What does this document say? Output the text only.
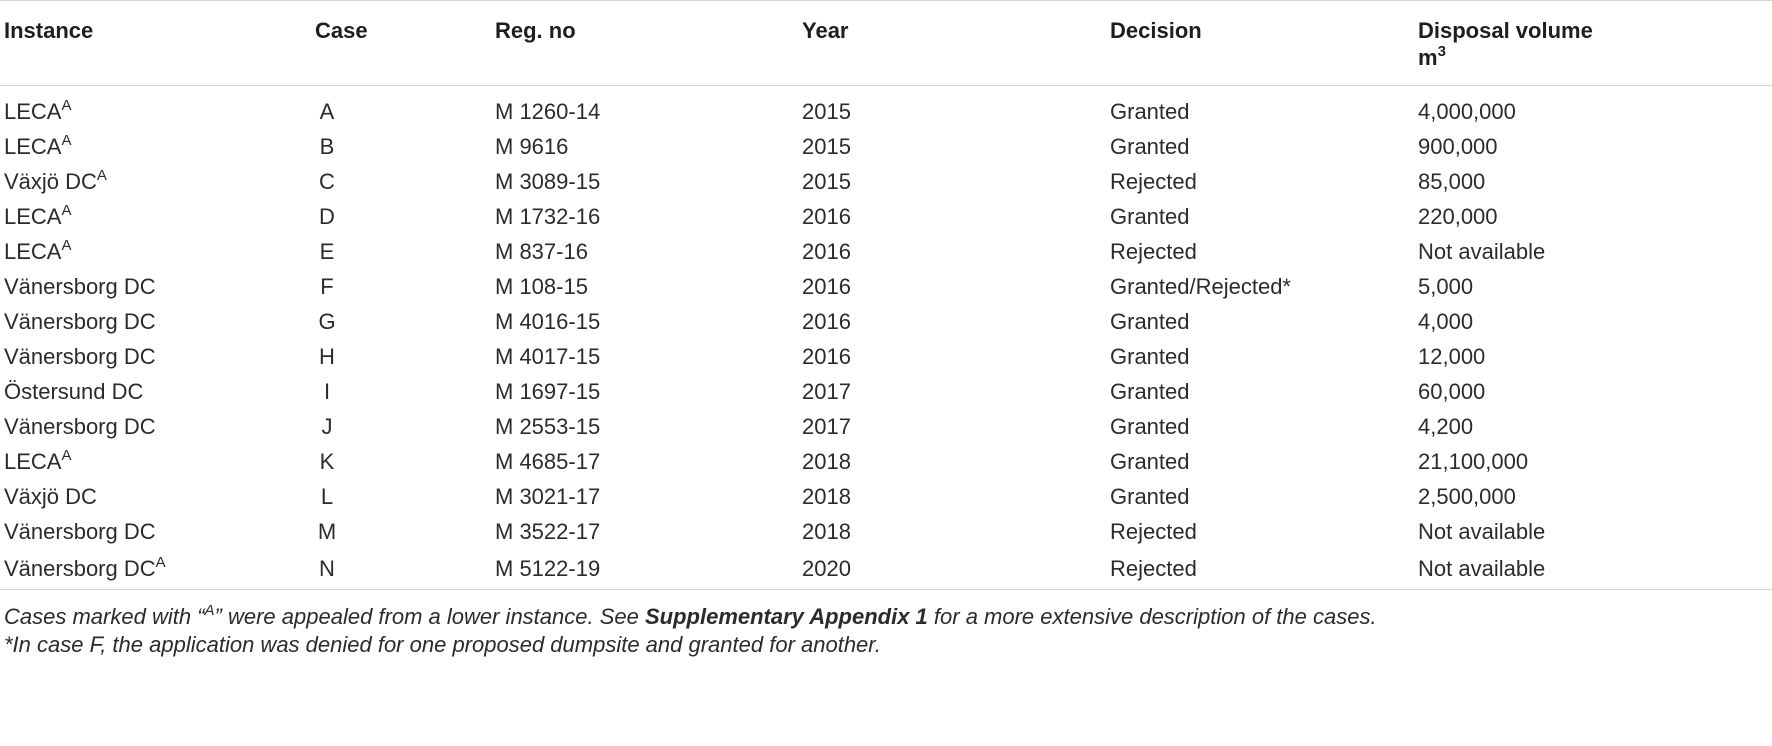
Instance	Case	Reg. no	Year	Decision	Disposal volume
$m^3$
$LECA^A$	A	M 1260-14	2015	Granted	4,000,000
$LECA^A$	B	M 9616	2015	Granted	900,000
Växjö $DC^A$	C	M 3089-15	2015	Rejected	85,000
$LECA^A$	D	M 1732-16	2016	Granted	220,000
$LECA^A$	E	M 837-16	2016	Rejected	Not available
Vänersborg DC	F	M 108-15	2016	Granted/Rejected*	5,000
Vänersborg DC	G	M 4016-15	2016	Granted	4,000
Vänersborg DC	H	M 4017-15	2016	Granted	12,000
Östersund DC	I	M 1697-15	2017	Granted	60,000
Vänersborg DC	J	M 2553-15	2017	Granted	4,200
$LECA^A$	K	M 4685-17	2018	Granted	21,100,000
Växjö DC	L	M 3021-17	2018	Granted	2,500,000
Vänersborg DC	M	M 3522-17	2018	Rejected	Not available
Vänersborg $DC^A$	N	M 5122-19	2020	Rejected	Not available
Cases marked with “$^A$” were appealed from a lower instance. See Supplementary Appendix 1 for a more extensive description of the cases.
*In case F, the application was denied for one proposed dumpsite and granted for another.
